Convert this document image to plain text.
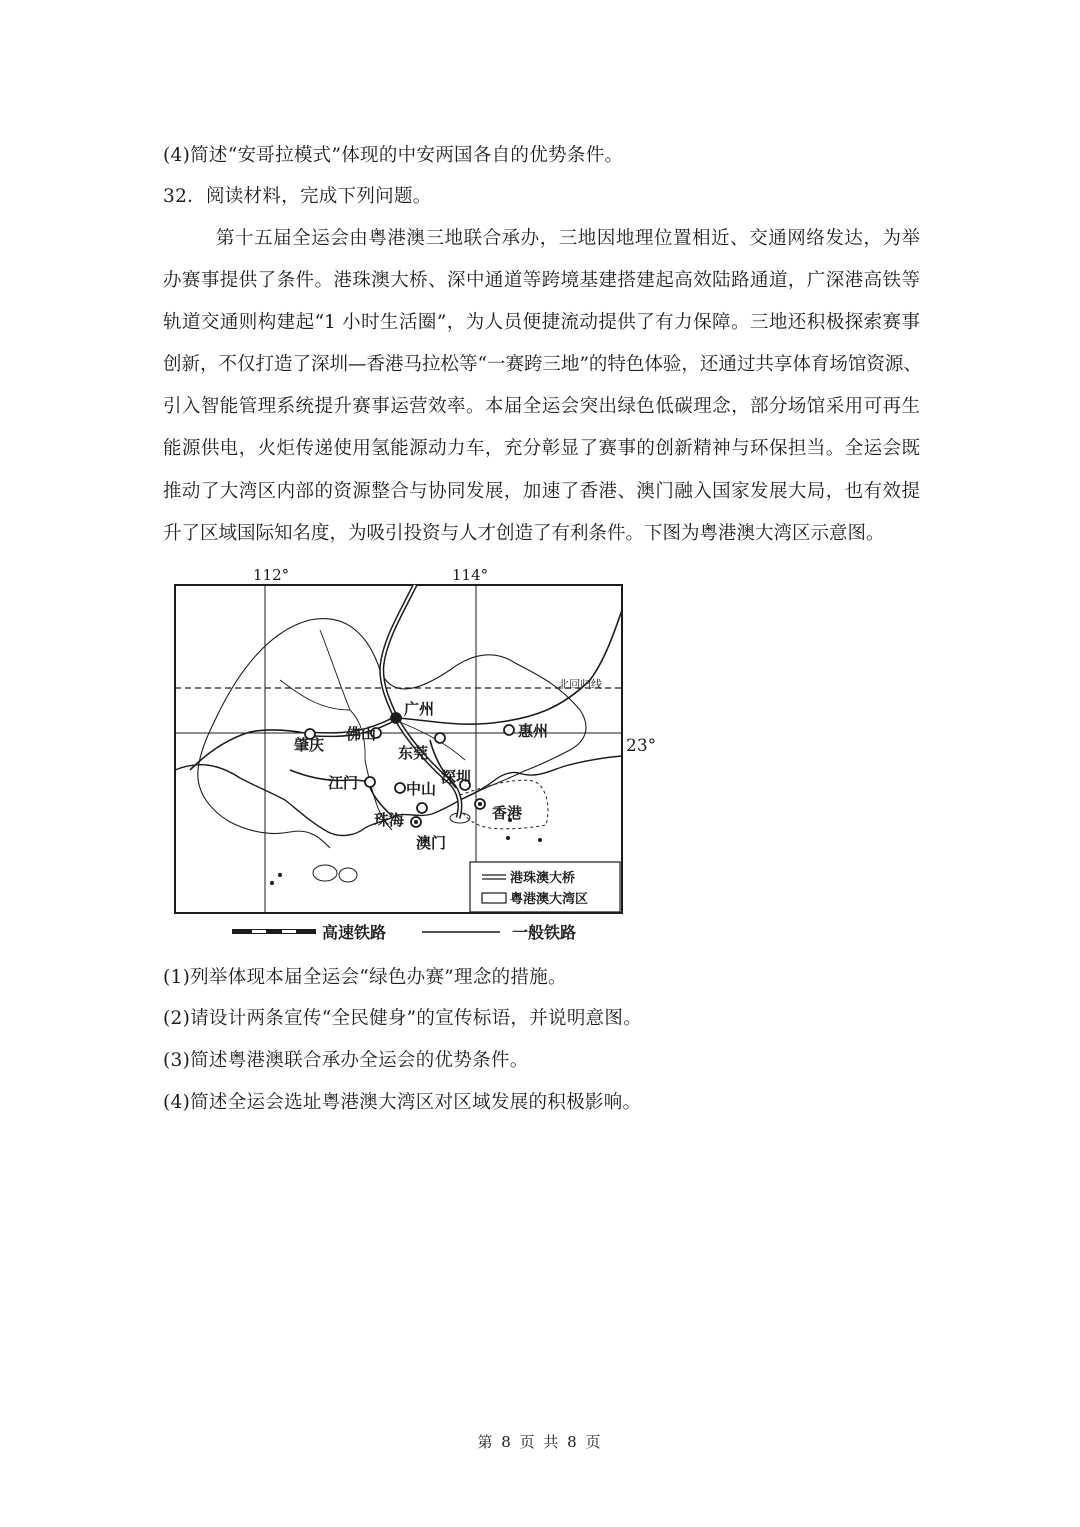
(4)简述“安哥拉模式”体现的中安两国各自的优势条件。
32．阅读材料，完成下列问题。
第十五届全运会由粤港澳三地联合承办，三地因地理位置相近、交通网络发达，为举
办赛事提供了条件。港珠澳大桥、深中通道等跨境基建搭建起高效陆路通道，广深港高铁等
轨道交通则构建起“1 小时生活圈”，为人员便捷流动提供了有力保障。三地还积极探索赛事
创新，不仅打造了深圳—香港马拉松等“一赛跨三地”的特色体验，还通过共享体育场馆资源、
引入智能管理系统提升赛事运营效率。本届全运会突出绿色低碳理念，部分场馆采用可再生
能源供电，火炬传递使用氢能源动力车，充分彰显了赛事的创新精神与环保担当。全运会既
推动了大湾区内部的资源整合与协同发展，加速了香港、澳门融入国家发展大局，也有效提
升了区域国际知名度，为吸引投资与人才创造了有利条件。下图为粤港澳大湾区示意图。
肇庆
佛山
广州
东莞
惠州
江门	中山
深圳
珠海
澳门
香港
112°	114°
23°
北回归线
港珠澳大桥
粤港澳大湾区
高速铁路	一般铁路
(1)列举体现本届全运会“绿色办赛”理念的措施。
(2)请设计两条宣传“全民健身”的宣传标语，并说明意图。
(3)简述粤港澳联合承办全运会的优势条件。
(4)简述全运会选址粤港澳大湾区对区域发展的积极影响。
第 8 页 共 8 页
